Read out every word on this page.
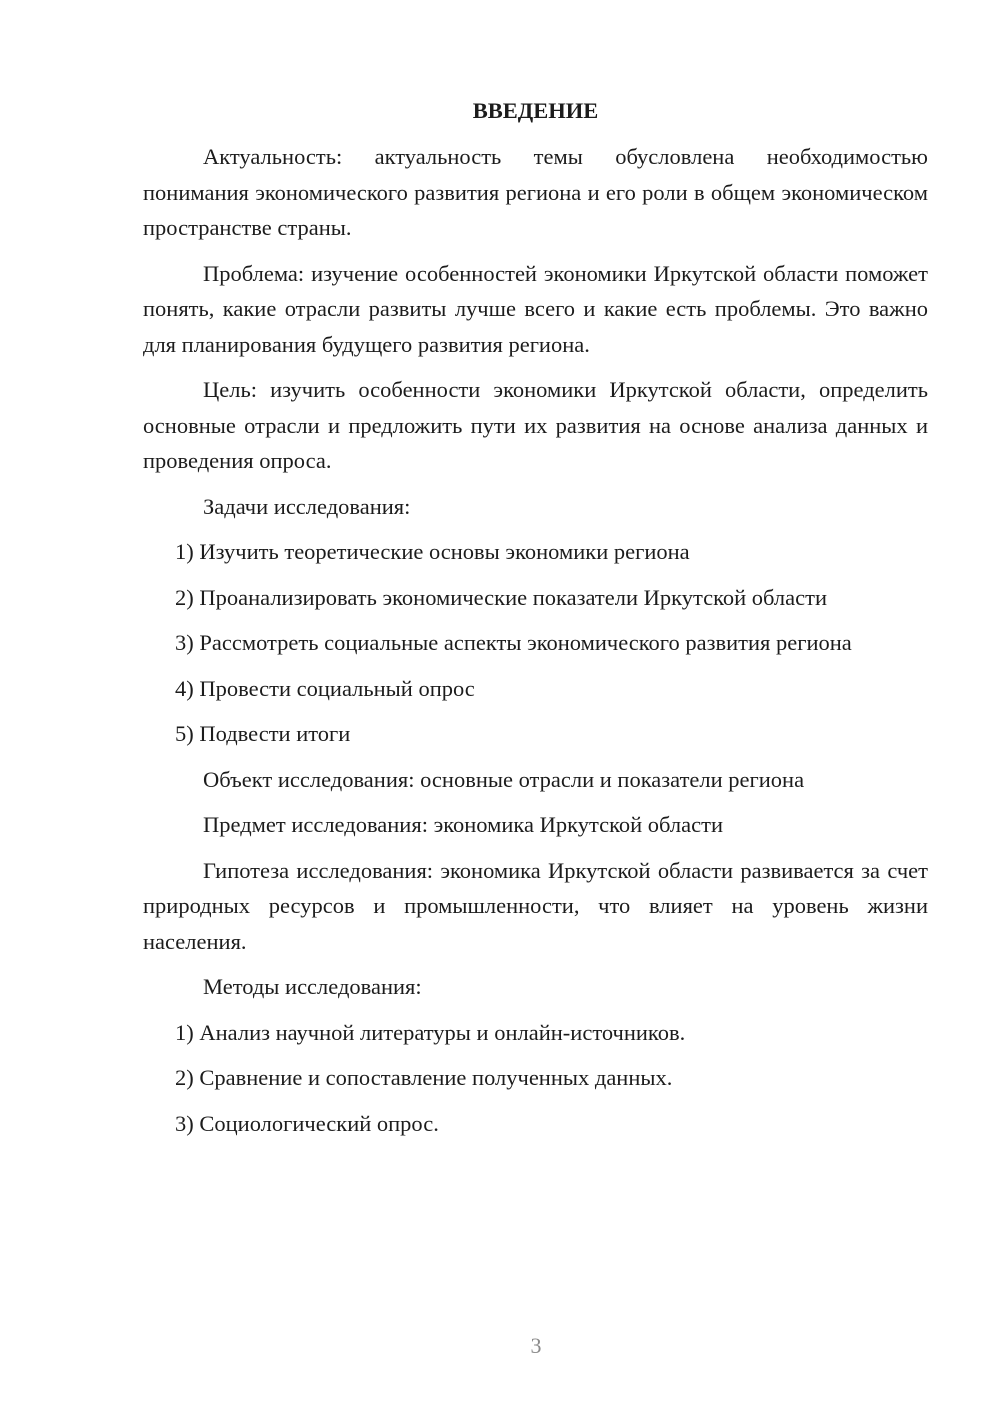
ВВЕДЕНИЕ

Актуальность: актуальность темы обусловлена необходимостью понимания экономического развития региона и его роли в общем экономическом пространстве страны.

Проблема: изучение особенностей экономики Иркутской области поможет понять, какие отрасли развиты лучше всего и какие есть проблемы. Это важно для планирования будущего развития региона.

Цель: изучить особенности экономики Иркутской области, определить основные отрасли и предложить пути их развития на основе анализа данных и проведения опроса.

Задачи исследования:

1) Изучить теоретические основы экономики региона
2) Проанализировать экономические показатели Иркутской области
3) Рассмотреть социальные аспекты экономического развития региона
4) Провести социальный опрос
5) Подвести итоги

Объект исследования: основные отрасли и показатели региона

Предмет исследования: экономика Иркутской области

Гипотеза исследования: экономика Иркутской области развивается за счет природных ресурсов и промышленности, что влияет на уровень жизни населения.

Методы исследования:

1) Анализ научной литературы и онлайн-источников.
2) Сравнение и сопоставление полученных данных.
3) Социологический опрос.
3
